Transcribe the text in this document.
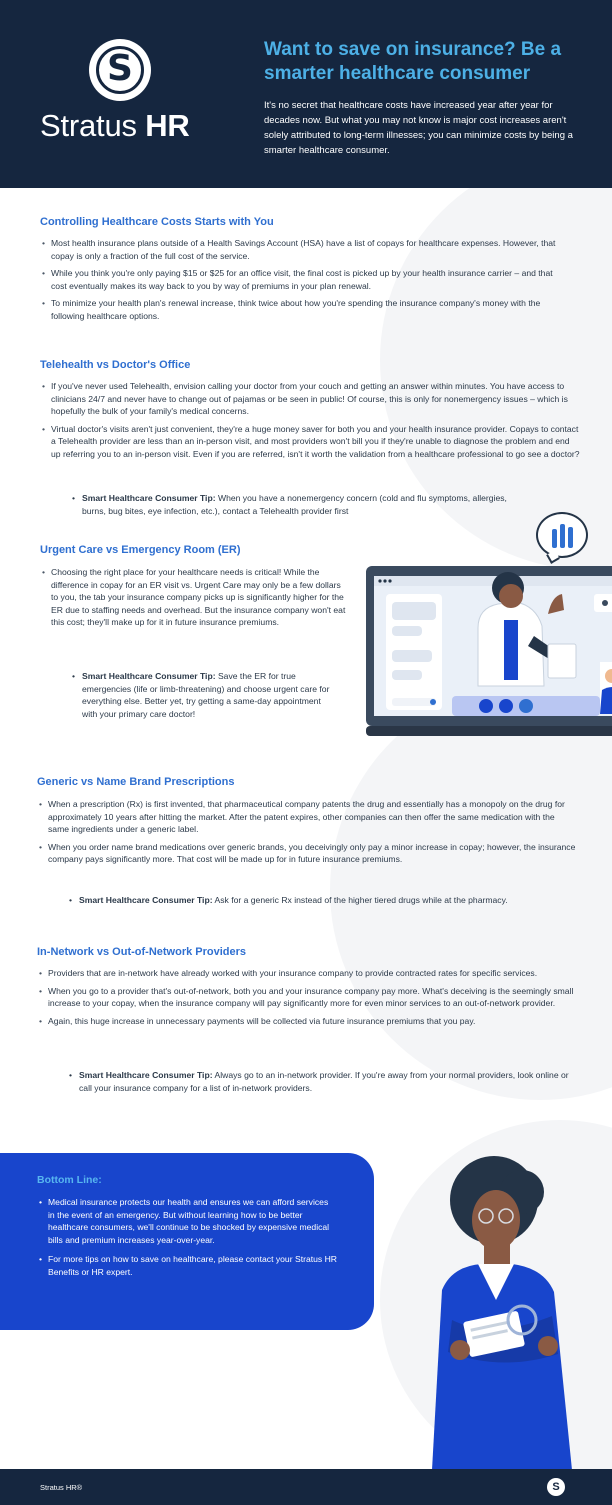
S
Stratus HR
Want to save on insurance? Be a smarter healthcare consumer
It's no secret that healthcare costs have increased year after year for decades now. But what you may not know is major cost increases aren't solely attributed to long-term illnesses; you can minimize costs by being a smarter healthcare consumer.
Controlling Healthcare Costs Starts with You
• Most health insurance plans outside of a Health Savings Account (HSA) have a list of copays for healthcare expenses. However, that copay is only a fraction of the full cost of the service.
• While you think you're only paying $15 or $25 for an office visit, the final cost is picked up by your health insurance carrier – and that cost eventually makes its way back to you by way of premiums in your plan renewal.
• To minimize your health plan's renewal increase, think twice about how you're spending the insurance company's money with the following healthcare options.
Telehealth vs Doctor's Office
• If you've never used Telehealth, envision calling your doctor from your couch and getting an answer within minutes. You have access to clinicians 24/7 and never have to change out of pajamas or be seen in public! Of course, this is only for nonemergency issues – which is hopefully the bulk of your family's medical concerns.
• Virtual doctor's visits aren't just convenient, they're a huge money saver for both you and your health insurance provider. Copays to contact a Telehealth provider are less than an in-person visit, and most providers won't bill you if they're unable to diagnose the problem and end up referring you to an in-person visit. Even if you are referred, isn't it worth the validation from a healthcare professional to go see a doctor?
• Smart Healthcare Consumer Tip: When you have a nonemergency concern (cold and flu symptoms, allergies, burns, bug bites, eye infection, etc.), contact a Telehealth provider first
Urgent Care vs Emergency Room (ER)
• Choosing the right place for your healthcare needs is critical! While the difference in copay for an ER visit vs. Urgent Care may only be a few dollars to you, the tab your insurance company picks up is significantly higher for the ER due to staffing needs and overhead. But the insurance company won't eat this cost; they'll make up for it in future insurance premiums.
• Smart Healthcare Consumer Tip: Save the ER for true emergencies (life or limb-threatening) and choose urgent care for everything else. Better yet, try getting a same-day appointment with your primary care doctor!
Generic vs Name Brand Prescriptions
• When a prescription (Rx) is first invented, that pharmaceutical company patents the drug and essentially has a monopoly on the drug for approximately 10 years after hitting the market. After the patent expires, other companies can then offer the same medication with the same ingredients under a generic label.
• When you order name brand medications over generic brands, you deceivingly only pay a minor increase in copay; however, the insurance company pays significantly more. That cost will be made up for in future insurance premiums.
• Smart Healthcare Consumer Tip: Ask for a generic Rx instead of the higher tiered drugs while at the pharmacy.
In-Network vs Out-of-Network Providers
• Providers that are in-network have already worked with your insurance company to provide contracted rates for specific services.
• When you go to a provider that's out-of-network, both you and your insurance company pay more. What's deceiving is the seemingly small increase to your copay, when the insurance company will pay significantly more for even minor services to an out-of-network provider.
• Again, this huge increase in unnecessary payments will be collected via future insurance premiums that you pay.
• Smart Healthcare Consumer Tip: Always go to an in-network provider. If you're away from your normal providers, look online or call your insurance company for a list of in-network providers.
Bottom Line:
• Medical insurance protects our health and ensures we can afford services in the event of an emergency. But without learning how to be better healthcare consumers, we'll continue to be shocked by expensive medical bills and premium increases year-over-year.
• For more tips on how to save on healthcare, please contact your Stratus HR Benefits or HR expert.
Stratus HR®	S
